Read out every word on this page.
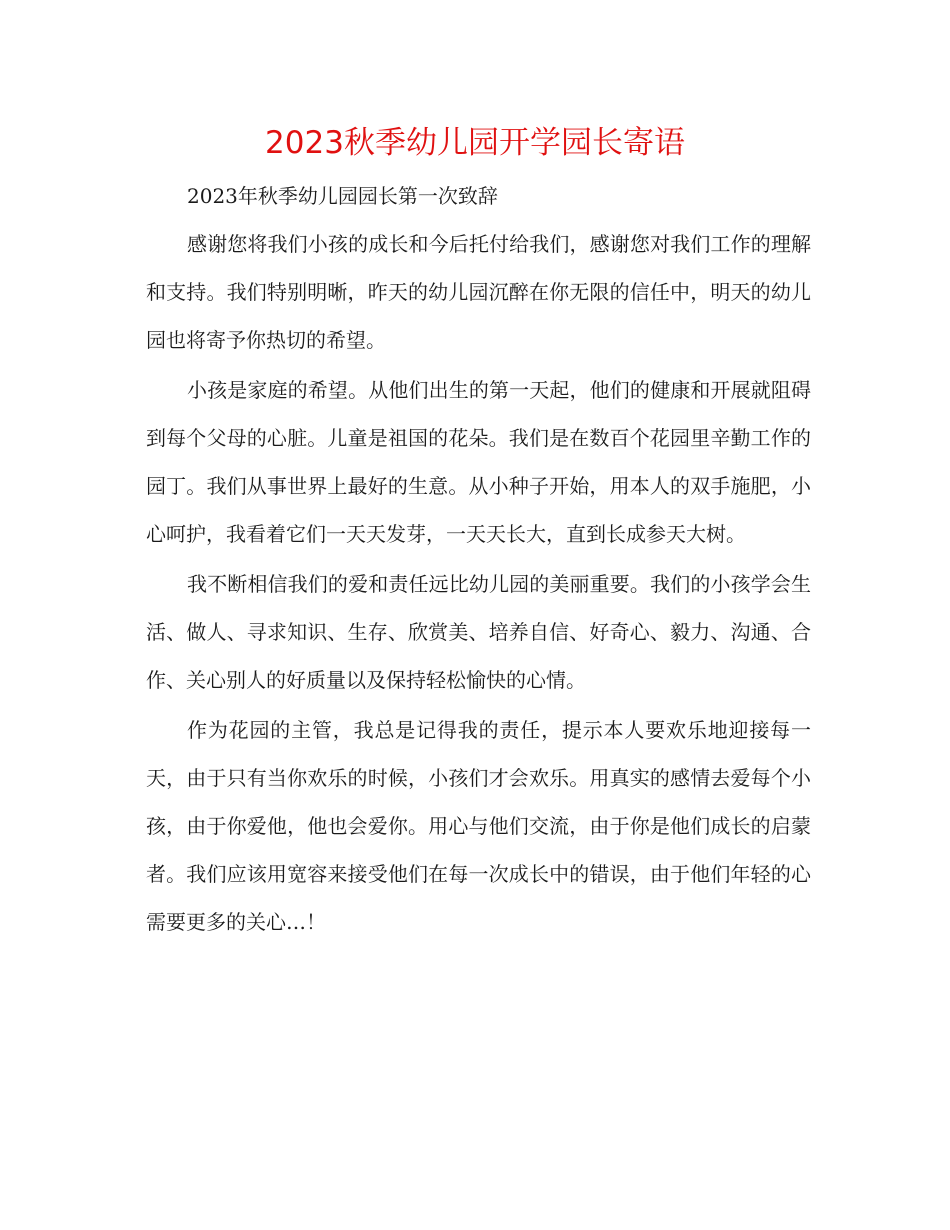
2023秋季幼儿园开学园长寄语

2023年秋季幼儿园园长第一次致辞

感谢您将我们小孩的成长和今后托付给我们，感谢您对我们工作的理解和支持。我们特别明晰，昨天的幼儿园沉醉在你无限的信任中，明天的幼儿园也将寄予你热切的希望。

小孩是家庭的希望。从他们出生的第一天起，他们的健康和开展就阻碍到每个父母的心脏。儿童是祖国的花朵。我们是在数百个花园里辛勤工作的园丁。我们从事世界上最好的生意。从小种子开始，用本人的双手施肥，小心呵护，我看着它们一天天发芽，一天天长大，直到长成参天大树。

我不断相信我们的爱和责任远比幼儿园的美丽重要。我们的小孩学会生活、做人、寻求知识、生存、欣赏美、培养自信、好奇心、毅力、沟通、合作、关心别人的好质量以及保持轻松愉快的心情。

作为花园的主管，我总是记得我的责任，提示本人要欢乐地迎接每一天，由于只有当你欢乐的时候，小孩们才会欢乐。用真实的感情去爱每个小孩，由于你爱他，他也会爱你。用心与他们交流，由于你是他们成长的启蒙者。我们应该用宽容来接受他们在每一次成长中的错误，由于他们年轻的心需要更多的关心…！
